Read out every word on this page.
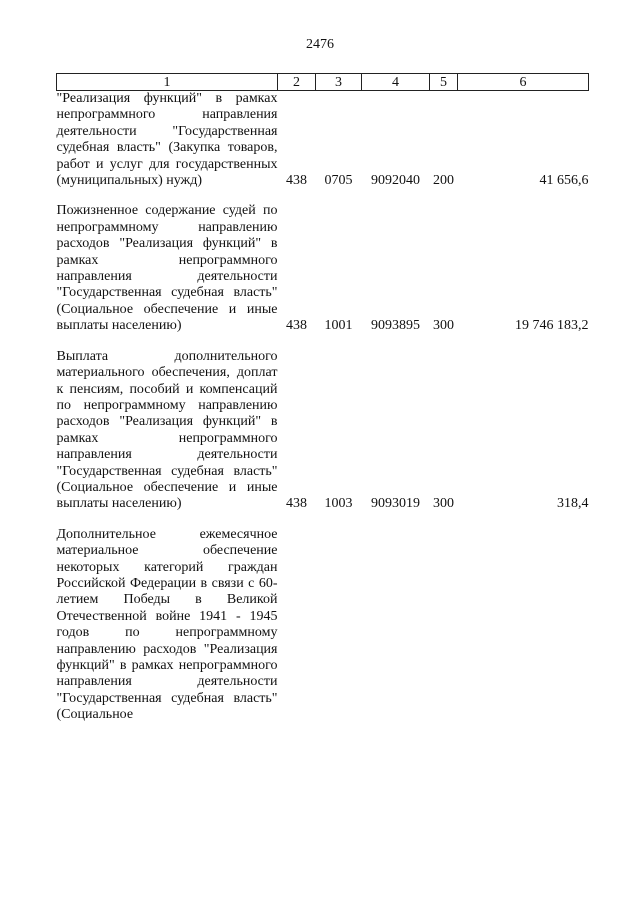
2476
1	2	3	4	5	6
"Реализация функций" в рамках непрограммного направления деятельности "Государственная судебная власть" (Закупка товаров, работ и услуг для государственных (муниципальных) нужд)	438	0705	9092040	200	41 656,6

Пожизненное содержание судей по непрограммному направлению расходов "Реализация функций" в рамках непрограммного направления деятельности "Государственная судебная власть" (Социальное обеспечение и иные выплаты населению)	438	1001	9093895	300	19 746 183,2

Выплата дополнительного материального обеспечения, доплат к пенсиям, пособий и компенсаций по непрограммному направлению расходов "Реализация функций" в рамках непрограммного направления деятельности "Государственная судебная власть" (Социальное обеспечение и иные выплаты населению)	438	1003	9093019	300	318,4

Дополнительное ежемесячное материальное обеспечение некоторых категорий граждан Российской Федерации в связи с 60-летием Победы в Великой Отечественной войне 1941 - 1945 годов по непрограммному направлению расходов "Реализация функций" в рамках непрограммного направления деятельности "Государственная судебная власть" (Социальное					
